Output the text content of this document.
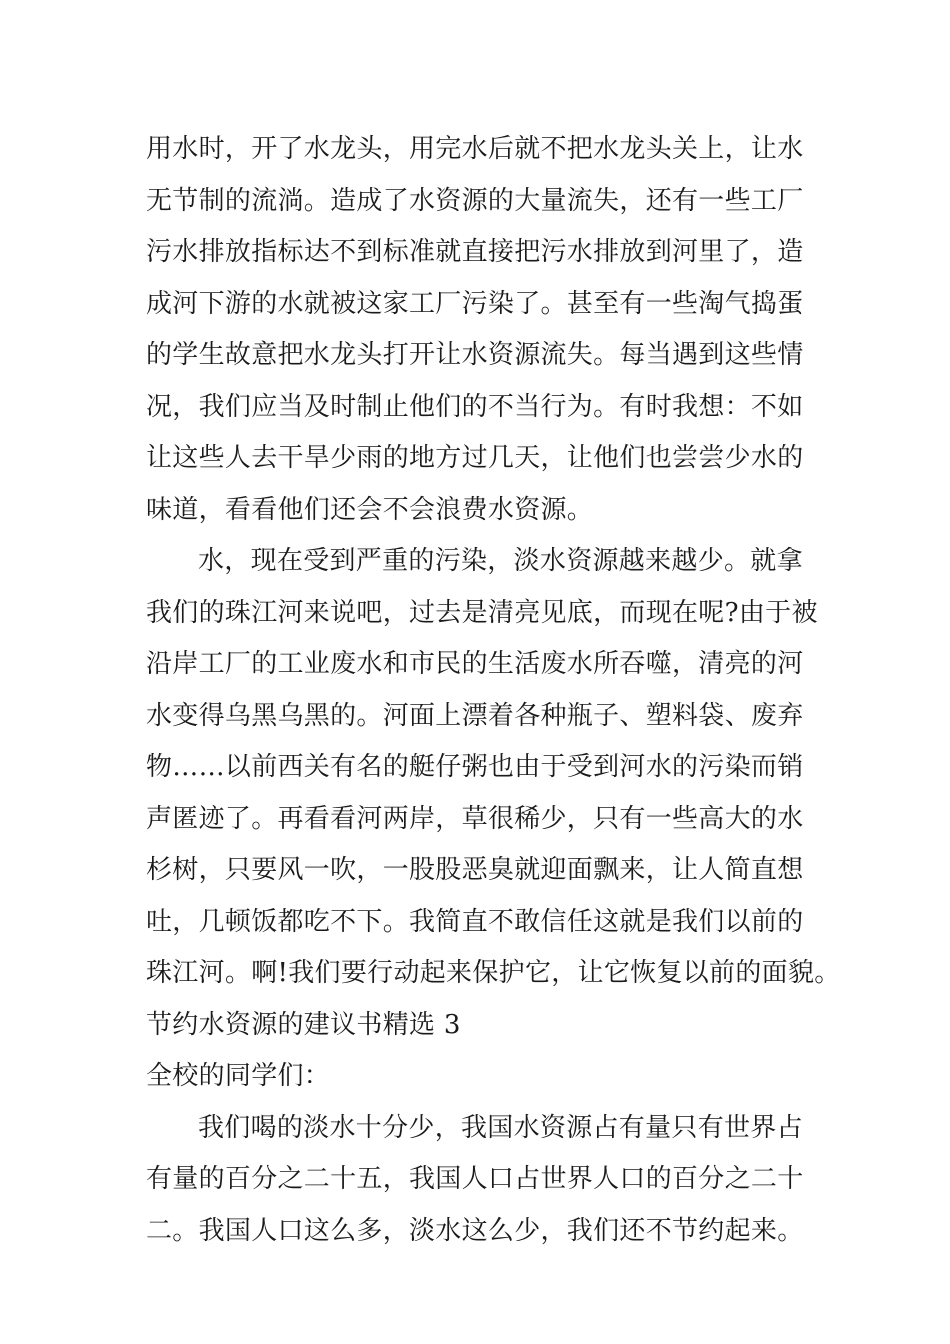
用水时，开了水龙头，用完水后就不把水龙头关上，让水
无节制的流淌。造成了水资源的大量流失，还有一些工厂
污水排放指标达不到标准就直接把污水排放到河里了，造
成河下游的水就被这家工厂污染了。甚至有一些淘气捣蛋
的学生故意把水龙头打开让水资源流失。每当遇到这些情
况，我们应当及时制止他们的不当行为。有时我想：不如
让这些人去干旱少雨的地方过几天，让他们也尝尝少水的
味道，看看他们还会不会浪费水资源。
水，现在受到严重的污染，淡水资源越来越少。就拿
我们的珠江河来说吧，过去是清亮见底，而现在呢?由于被
沿岸工厂的工业废水和市民的生活废水所吞噬，清亮的河
水变得乌黑乌黑的。河面上漂着各种瓶子、塑料袋、废弃
物……以前西关有名的艇仔粥也由于受到河水的污染而销
声匿迹了。再看看河两岸，草很稀少，只有一些高大的水
杉树，只要风一吹，一股股恶臭就迎面飘来，让人简直想
吐，几顿饭都吃不下。我简直不敢信任这就是我们以前的
珠江河。啊!我们要行动起来保护它，让它恢复以前的面貌。
节约水资源的建议书精选 3
全校的同学们：
我们喝的淡水十分少，我国水资源占有量只有世界占
有量的百分之二十五，我国人口占世界人口的百分之二十
二。我国人口这么多，淡水这么少，我们还不节约起来。
